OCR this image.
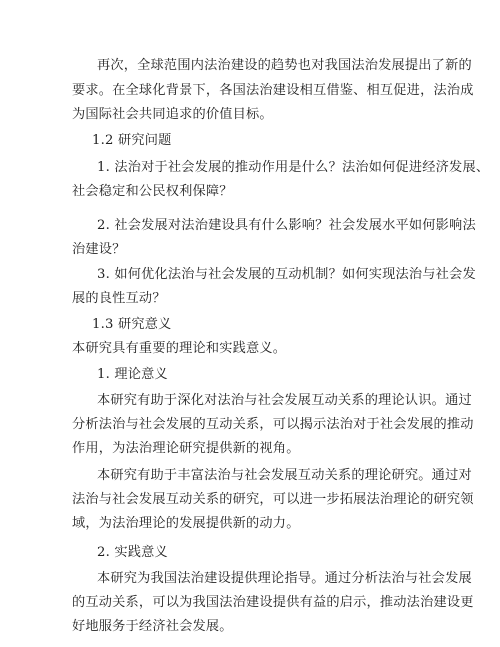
再次，全球范围内法治建设的趋势也对我国法治发展提出了新的
要求。在全球化背景下，各国法治建设相互借鉴、相互促进，法治成
为国际社会共同追求的价值目标。
1.2 研究问题
1. 法治对于社会发展的推动作用是什么？法治如何促进经济发展、
社会稳定和公民权利保障？
2. 社会发展对法治建设具有什么影响？社会发展水平如何影响法
治建设？
3. 如何优化法治与社会发展的互动机制？如何实现法治与社会发
展的良性互动？
1.3 研究意义
本研究具有重要的理论和实践意义。
1. 理论意义
本研究有助于深化对法治与社会发展互动关系的理论认识。通过
分析法治与社会发展的互动关系，可以揭示法治对于社会发展的推动
作用，为法治理论研究提供新的视角。
本研究有助于丰富法治与社会发展互动关系的理论研究。通过对
法治与社会发展互动关系的研究，可以进一步拓展法治理论的研究领
域，为法治理论的发展提供新的动力。
2. 实践意义
本研究为我国法治建设提供理论指导。通过分析法治与社会发展
的互动关系，可以为我国法治建设提供有益的启示，推动法治建设更
好地服务于经济社会发展。
